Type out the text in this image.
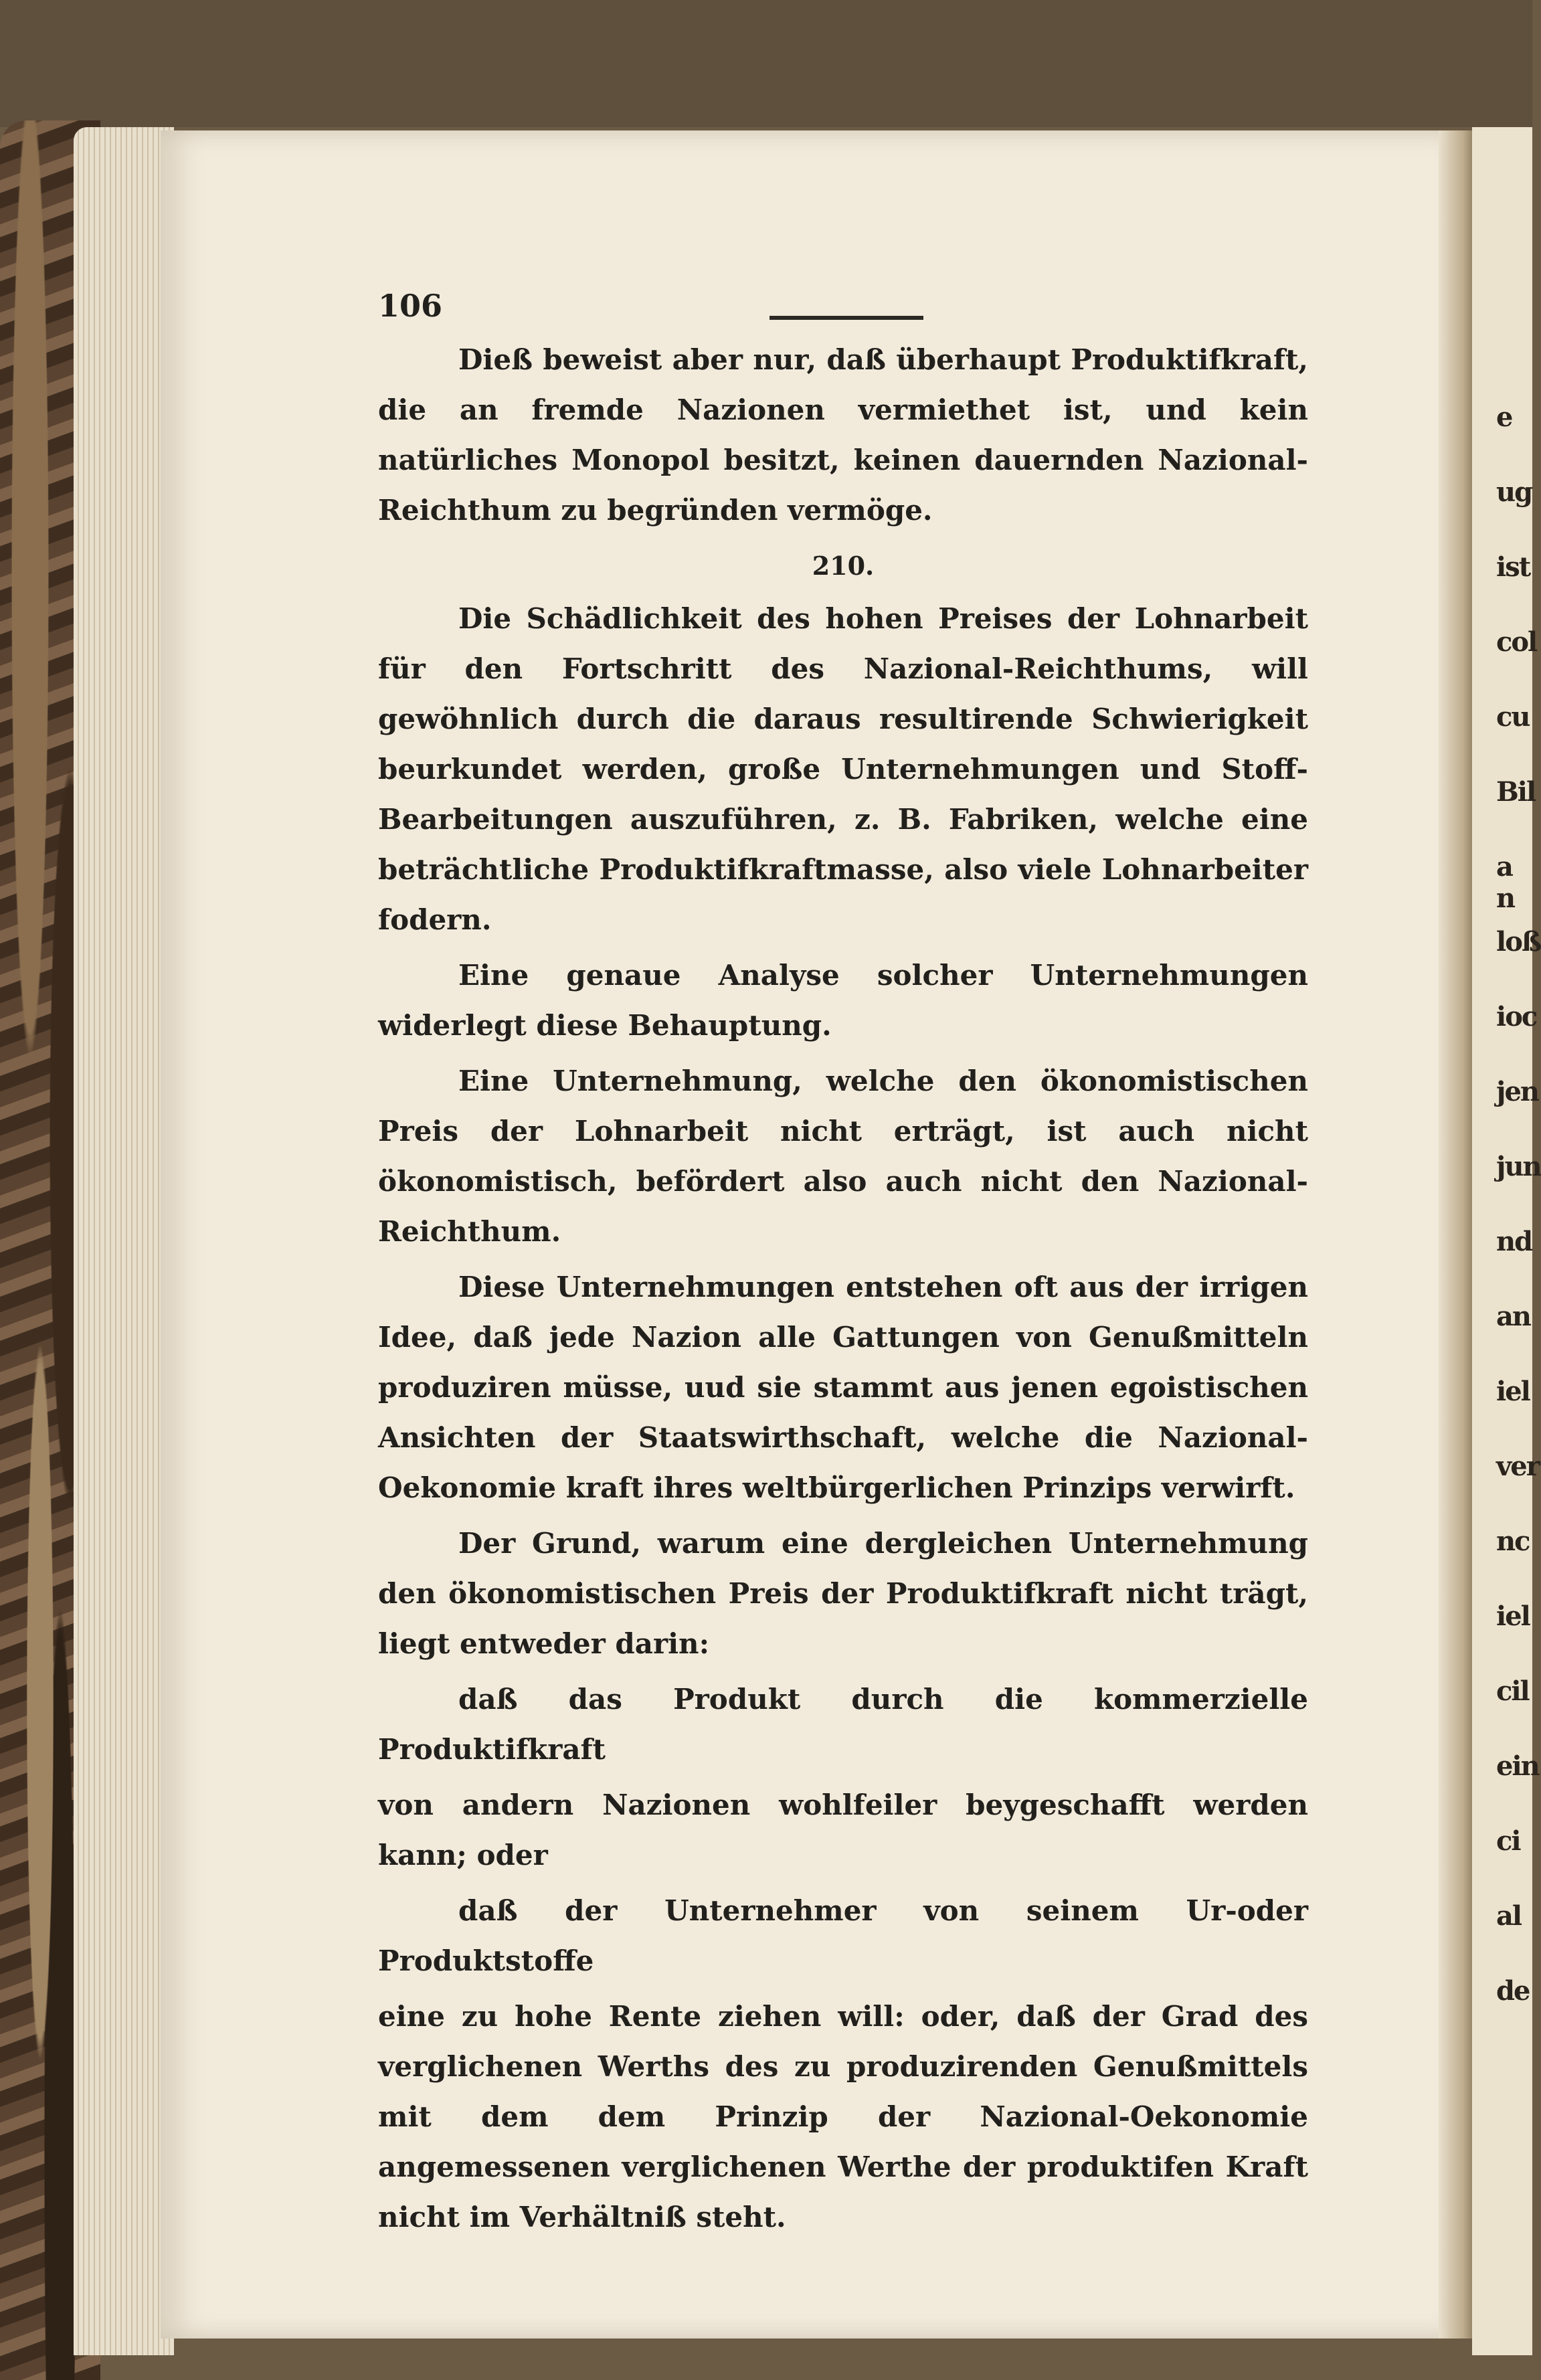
e
ug
ist
col
cu
Bil
a n
loß
ioc
jen
jun
nd
an
iel
ver
nc
iel
cil
ein
ci
al
de
106

Dieß beweist aber nur, daß überhaupt Produktifkraft, die an fremde Nazionen vermiethet ist, und kein natürliches Monopol besitzt, keinen dauernden Nazional-Reichthum zu begründen vermöge.

210.

Die Schädlichkeit des hohen Preises der Lohnarbeit für den Fortschritt des Nazional-Reichthums, will gewöhnlich durch die daraus resultirende Schwierigkeit beurkundet werden, große Unternehmungen und Stoff-Bearbeitungen auszuführen, z. B. Fabriken, welche eine beträchtliche Produktifkraftmasse, also viele Lohnarbeiter fodern.

Eine genaue Analyse solcher Unternehmungen widerlegt diese Behauptung.

Eine Unternehmung, welche den ökonomistischen Preis der Lohnarbeit nicht erträgt, ist auch nicht ökonomistisch, befördert also auch nicht den Nazional-Reichthum.

Diese Unternehmungen entstehen oft aus der irrigen Idee, daß jede Nazion alle Gattungen von Genußmitteln produziren müsse, uud sie stammt aus jenen egoistischen Ansichten der Staatswirthschaft, welche die Nazional-Oekonomie kraft ihres weltbürgerlichen Prinzips verwirft.

Der Grund, warum eine dergleichen Unternehmung den ökonomistischen Preis der Produktifkraft nicht trägt, liegt entweder darin:

daß das Produkt durch die kommerzielle Produktifkraft

von andern Nazionen wohlfeiler beygeschafft werden kann; oder

daß der Unternehmer von seinem Ur-oder Produktstoffe

eine zu hohe Rente ziehen will: oder, daß der Grad des verglichenen Werths des zu produzirenden Genußmittels mit dem dem Prinzip der Nazional-Oekonomie angemessenen verglichenen Werthe der produktifen Kraft nicht im Verhältniß steht.
